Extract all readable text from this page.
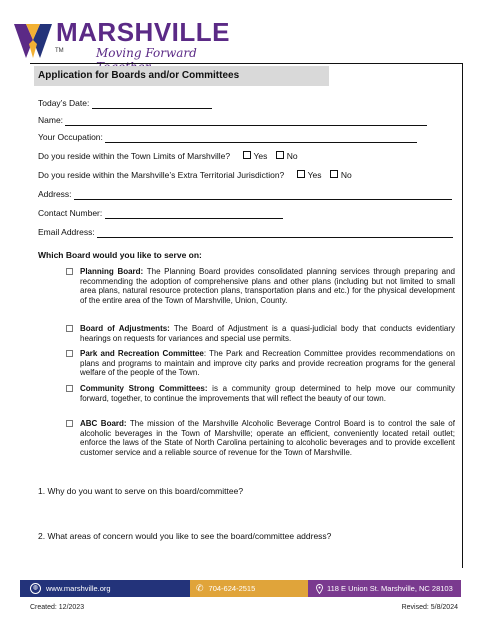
MARSHVILLE
TM	Moving Forward
Application for Boards and/or Committees
Today’s Date:
Name:
Your Occupation:
Do you reside within the Town Limits of Marshville?	Yes No
Do you reside within the Marshville’s Extra Territorial Jurisdiction?	Yes No
Address:
Contact Number:
Email Address:
Which Board would you like to serve on:
Planning Board: The Planning Board provides consolidated planning services through preparing and recommending the adoption of comprehensive plans and other plans (including but not limited to small area plans, natural resource protection plans, transportation plans and etc.) for the physical development of the entire area of the Town of Marshville, Union, County.
Board of Adjustments: The Board of Adjustment is a quasi-judicial body that conducts evidentiary hearings on requests for variances and special use permits.
Park and Recreation Committee: The Park and Recreation Committee provides recommendations on plans and programs to maintain and improve city parks and provide recreation programs for the general welfare of the people of the Town.
Community Strong Committees: is a community group determined to help move our community forward, together, to continue the improvements that will reflect the beauty of our town.
ABC Board: The mission of the Marshville Alcoholic Beverage Control Board is to control the sale of alcoholic beverages in the Town of Marshville; operate an efficient, conveniently located retail outlet; enforce the laws of the State of North Carolina pertaining to alcoholic beverages and to provide excellent customer service and a reliable source of revenue for the Town of Marshville.
1. Why do you want to serve on this board/committee?
2. What areas of concern would you like to see the board/committee address?
◍	www.marshville.org	✆ 704-624-2515	118 E Union St. Marshville, NC 28103
Created: 12/2023	Revised: 5/8/2024
